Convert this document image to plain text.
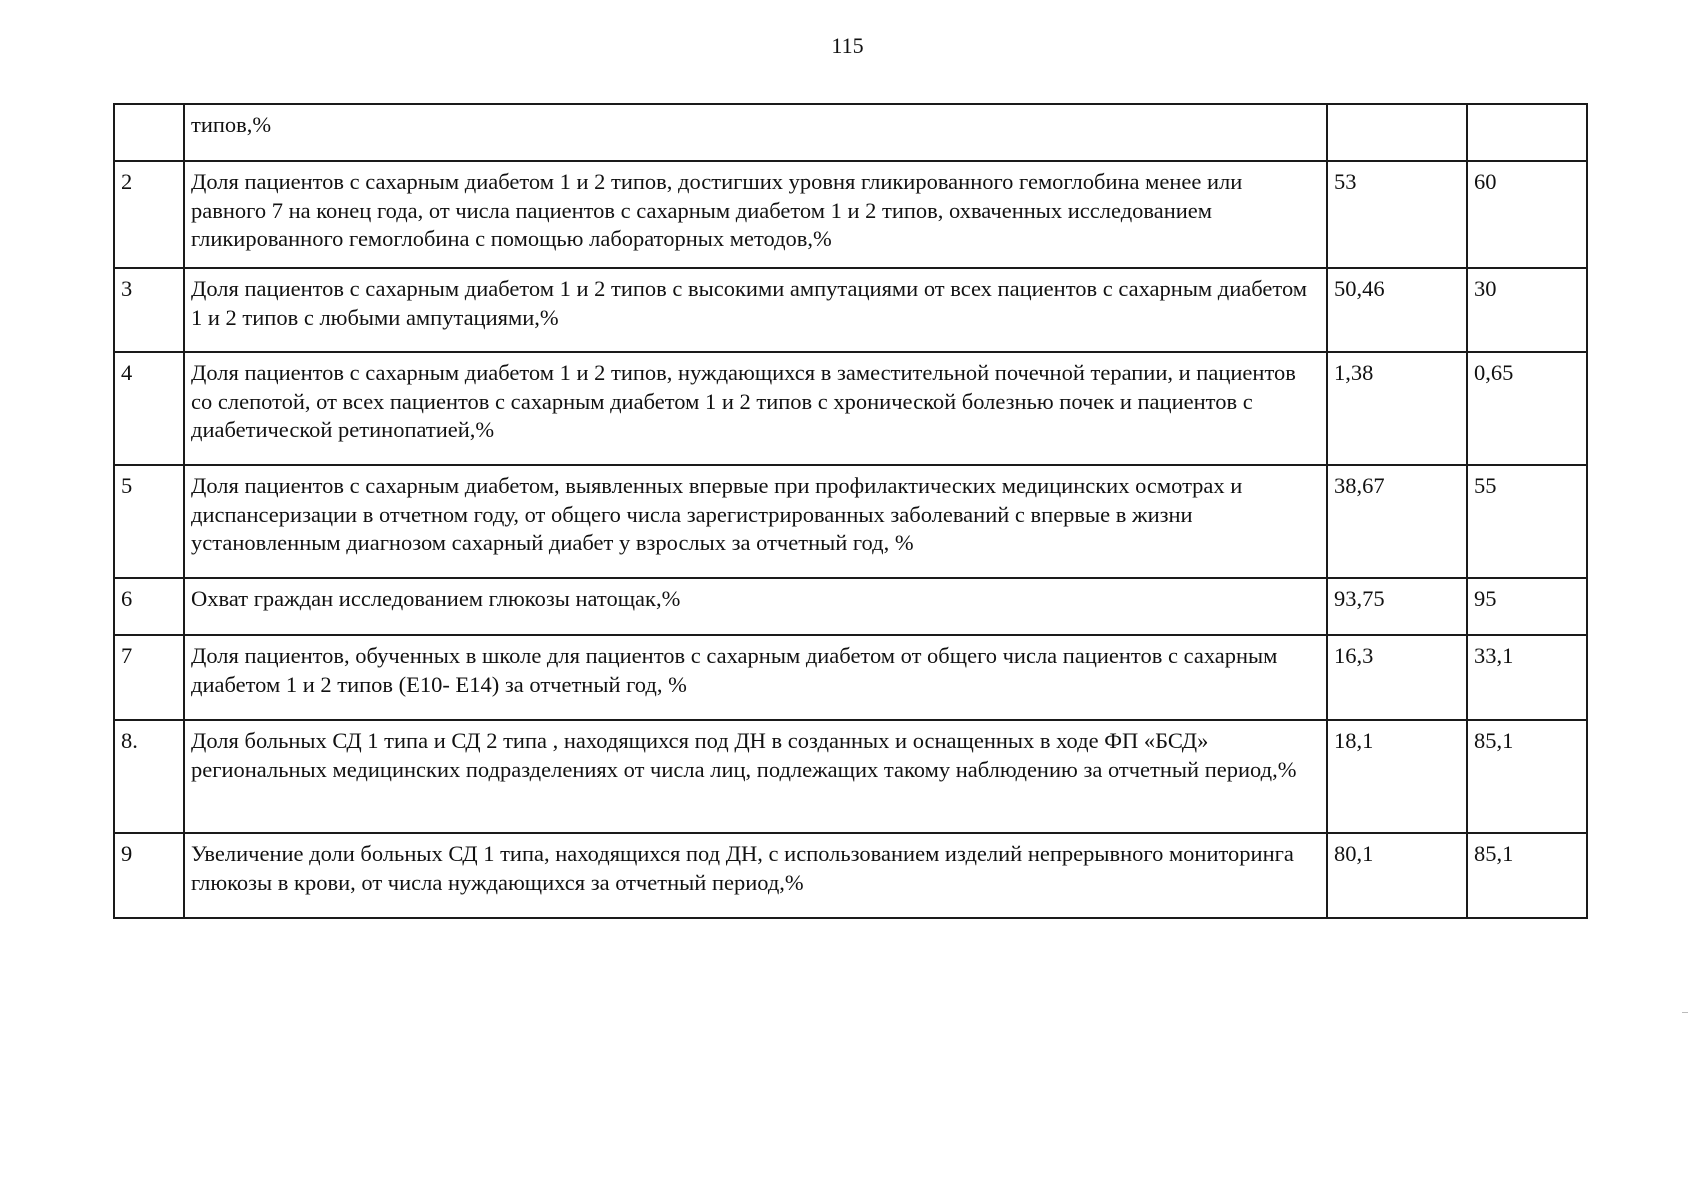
115
	типов,%		
2	Доля пациентов с сахарным диабетом 1 и 2 типов, достигших уровня гликированного гемоглобина менее или равного 7 на конец года, от числа пациентов с сахарным диабетом 1 и 2 типов, охваченных исследованием гликированного гемоглобина с помощью лабораторных методов,%	53	60
3	Доля пациентов с сахарным диабетом 1 и 2 типов с высокими ампутациями от всех пациентов с сахарным диабетом 1 и 2 типов с любыми ампутациями,%	50,46	30
4	Доля пациентов с сахарным диабетом 1 и 2 типов, нуждающихся в заместительной почечной терапии, и пациентов со слепотой, от всех пациентов с сахарным диабетом 1 и 2 типов с хронической болезнью почек и пациентов с диабетической ретинопатией,%	1,38	0,65
5	Доля пациентов с сахарным диабетом, выявленных впервые при профилактических медицинских осмотрах и диспансеризации в отчетном году, от общего числа зарегистрированных заболеваний с впервые в жизни установленным диагнозом сахарный диабет у взрослых за отчетный год, %	38,67	55
6	Охват граждан исследованием глюкозы натощак,%	93,75	95
7	Доля пациентов, обученных в школе для пациентов с сахарным диабетом от общего числа пациентов с сахарным диабетом 1 и 2 типов (Е10- Е14) за отчетный год, %	16,3	33,1
8.	Доля больных СД 1 типа и СД 2 типа , находящихся под ДН в созданных и оснащенных в ходе ФП «БСД» региональных медицинских подразделениях от числа лиц, подлежащих такому наблюдению за отчетный период,%	18,1	85,1
9	Увеличение доли больных СД 1 типа, находящихся под ДН, с использованием изделий непрерывного мониторинга глюкозы в крови, от числа нуждающихся за отчетный период,%	80,1	85,1
